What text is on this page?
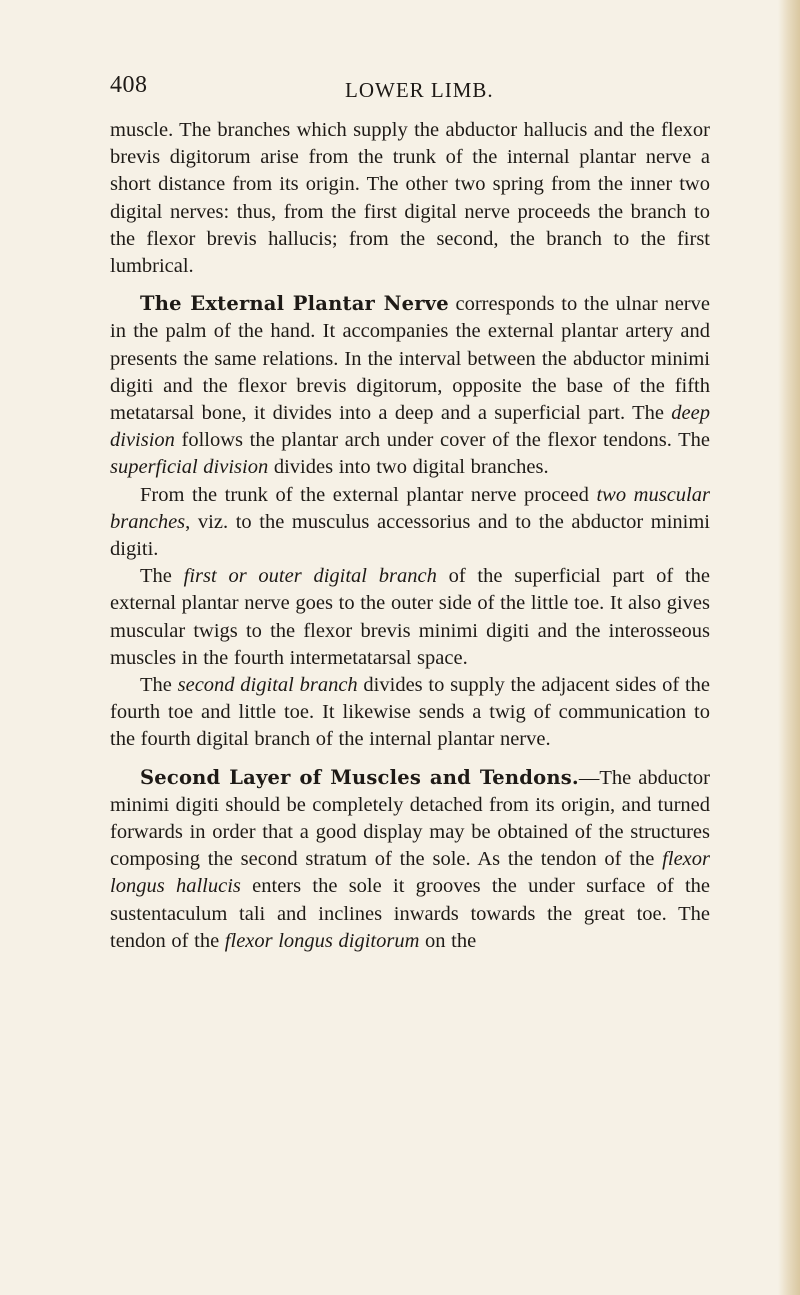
408	LOWER LIMB.

muscle. The branches which supply the abductor hallucis and the flexor brevis digitorum arise from the trunk of the internal plantar nerve a short distance from its origin. The other two spring from the inner two digital nerves: thus, from the first digital nerve proceeds the branch to the flexor brevis hallucis; from the second, the branch to the first lumbrical.

The External Plantar Nerve corresponds to the ulnar nerve in the palm of the hand. It accompanies the external plantar artery and presents the same relations. In the interval between the abductor minimi digiti and the flexor brevis digitorum, opposite the base of the fifth metatarsal bone, it divides into a deep and a superficial part. The deep division follows the plantar arch under cover of the flexor tendons. The superficial division divides into two digital branches.

From the trunk of the external plantar nerve proceed two muscular branches, viz. to the musculus accessorius and to the abductor minimi digiti.

The first or outer digital branch of the superficial part of the external plantar nerve goes to the outer side of the little toe. It also gives muscular twigs to the flexor brevis minimi digiti and the interosseous muscles in the fourth intermetatarsal space.

The second digital branch divides to supply the adjacent sides of the fourth toe and little toe. It likewise sends a twig of communication to the fourth digital branch of the internal plantar nerve.

Second Layer of Muscles and Tendons.—The abductor minimi digiti should be completely detached from its origin, and turned forwards in order that a good display may be obtained of the structures composing the second stratum of the sole. As the tendon of the flexor longus hallucis enters the sole it grooves the under surface of the sustentaculum tali and inclines inwards towards the great toe. The tendon of the flexor longus digitorum on the
